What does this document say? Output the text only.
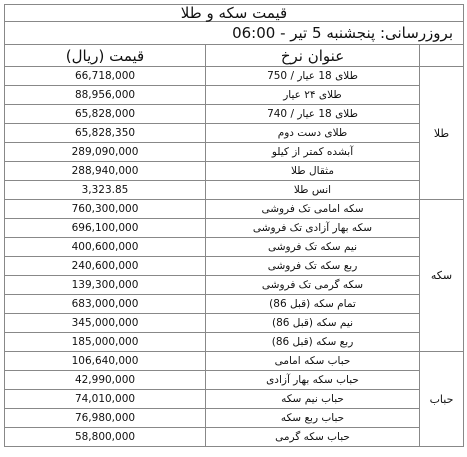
قیمت سکه و طلا		
بروزرسانی: پنجشنبه 5 تیر - 06:00		
	عنوان نرخ	قیمت (ریال)
طلا	طلای 18 عیار / 750	66,718,000
	طلای ۲۴ عیار	88,956,000
	طلای 18 عیار / 740	65,828,000
	طلای دست دوم	65,828,350
	آبشده کمتر از کیلو	289,090,000
	مثقال طلا	288,940,000
	انس طلا	3,323.85
سکه	سکه امامی تک فروشی	760,300,000
	سکه بهار آزادی تک فروشی	696,100,000
	نیم سکه تک فروشی	400,600,000
	ربع سکه تک فروشی	240,600,000
	سکه گرمی تک فروشی	139,300,000
	تمام سکه (قبل 86)	683,000,000
	نیم سکه (قبل 86)	345,000,000
	ربع سکه (قبل 86)	185,000,000
حباب	حباب سکه امامی	106,640,000
	حباب سکه بهار آزادی	42,990,000
	حباب نیم سکه	74,010,000
	حباب ربع سکه	76,980,000
	حباب سکه گرمی	58,800,000
